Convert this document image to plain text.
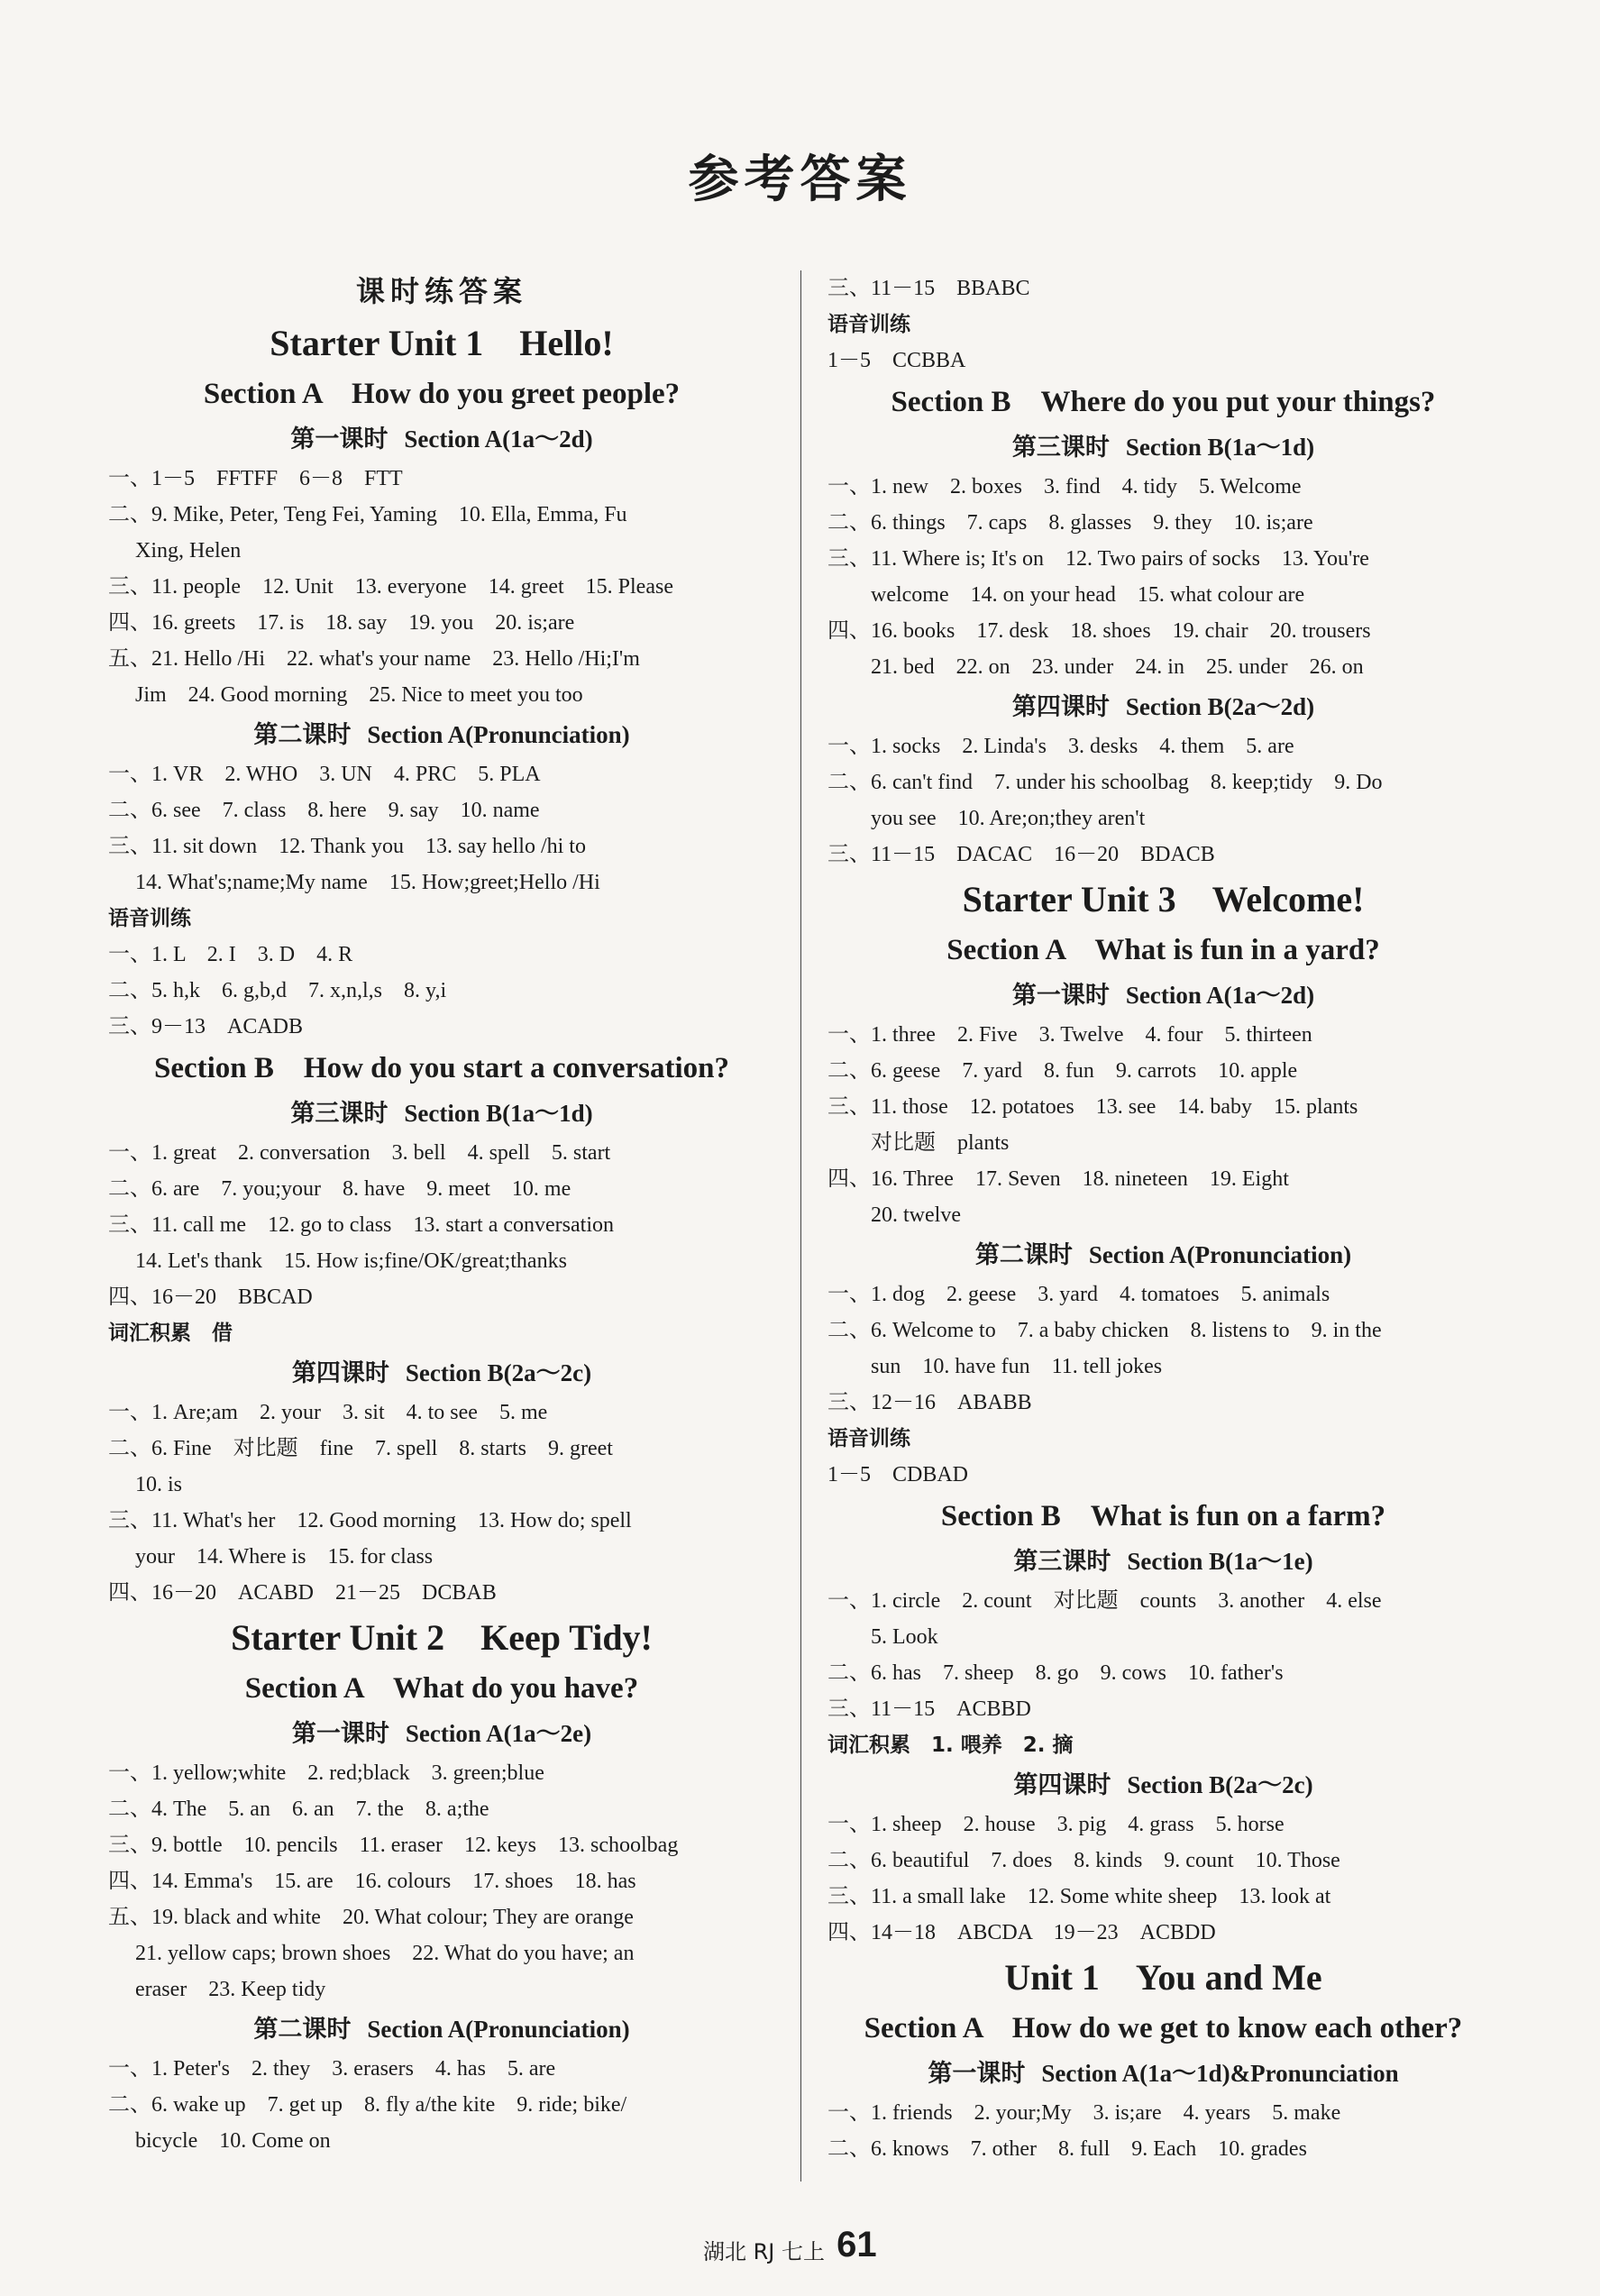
参考答案
课时练答案
Starter Unit 1　Hello!
Section A　How do you greet people?
第一课时 Section A(1a～2d)
一、1－5　FFTFF　6－8　FTT
二、9. Mike, Peter, Teng Fei, Yaming　10. Ella, Emma, Fu
Xing, Helen
三、11. people　12. Unit　13. everyone　14. greet　15. Please
四、16. greets　17. is　18. say　19. you　20. is;are
五、21. Hello /Hi　22. what's your name　23. Hello /Hi;I'm
Jim　24. Good morning　25. Nice to meet you too
第二课时 Section A(Pronunciation)
一、1. VR　2. WHO　3. UN　4. PRC　5. PLA
二、6. see　7. class　8. here　9. say　10. name
三、11. sit down　12. Thank you　13. say hello /hi to
14. What's;name;My name　15. How;greet;Hello /Hi
语音训练
一、1. L　2. I　3. D　4. R
二、5. h,k　6. g,b,d　7. x,n,l,s　8. y,i
三、9－13　ACADB
Section B　How do you start a conversation?
第三课时 Section B(1a～1d)
一、1. great　2. conversation　3. bell　4. spell　5. start
二、6. are　7. you;your　8. have　9. meet　10. me
三、11. call me　12. go to class　13. start a conversation
14. Let's thank　15. How is;fine/OK/great;thanks
四、16－20　BBCAD
词汇积累　借
第四课时 Section B(2a～2c)
一、1. Are;am　2. your　3. sit　4. to see　5. me
二、6. Fine　对比题　fine　7. spell　8. starts　9. greet
10. is
三、11. What's her　12. Good morning　13. How do; spell
your　14. Where is　15. for class
四、16－20　ACABD　21－25　DCBAB
Starter Unit 2　Keep Tidy!
Section A　What do you have?
第一课时 Section A(1a～2e)
一、1. yellow;white　2. red;black　3. green;blue
二、4. The　5. an　6. an　7. the　8. a;the
三、9. bottle　10. pencils　11. eraser　12. keys　13. schoolbag
四、14. Emma's　15. are　16. colours　17. shoes　18. has
五、19. black and white　20. What colour; They are orange
21. yellow caps; brown shoes　22. What do you have; an
eraser　23. Keep tidy
第二课时 Section A(Pronunciation)
一、1. Peter's　2. they　3. erasers　4. has　5. are
二、6. wake up　7. get up　8. fly a/the kite　9. ride; bike/
bicycle　10. Come on
三、11－15　BBABC
语音训练
1－5　CCBBA
Section B　Where do you put your things?
第三课时 Section B(1a～1d)
一、1. new　2. boxes　3. find　4. tidy　5. Welcome
二、6. things　7. caps　8. glasses　9. they　10. is;are
三、11. Where is; It's on　12. Two pairs of socks　13. You're
welcome　14. on your head　15. what colour are
四、16. books　17. desk　18. shoes　19. chair　20. trousers
21. bed　22. on　23. under　24. in　25. under　26. on
第四课时 Section B(2a～2d)
一、1. socks　2. Linda's　3. desks　4. them　5. are
二、6. can't find　7. under his schoolbag　8. keep;tidy　9. Do
you see　10. Are;on;they aren't
三、11－15　DACAC　16－20　BDACB
Starter Unit 3　Welcome!
Section A　What is fun in a yard?
第一课时 Section A(1a～2d)
一、1. three　2. Five　3. Twelve　4. four　5. thirteen
二、6. geese　7. yard　8. fun　9. carrots　10. apple
三、11. those　12. potatoes　13. see　14. baby　15. plants
对比题　plants
四、16. Three　17. Seven　18. nineteen　19. Eight
20. twelve
第二课时 Section A(Pronunciation)
一、1. dog　2. geese　3. yard　4. tomatoes　5. animals
二、6. Welcome to　7. a baby chicken　8. listens to　9. in the
sun　10. have fun　11. tell jokes
三、12－16　ABABB
语音训练
1－5　CDBAD
Section B　What is fun on a farm?
第三课时 Section B(1a～1e)
一、1. circle　2. count　对比题　counts　3. another　4. else
5. Look
二、6. has　7. sheep　8. go　9. cows　10. father's
三、11－15　ACBBD
词汇积累　1. 喂养　2. 摘
第四课时 Section B(2a～2c)
一、1. sheep　2. house　3. pig　4. grass　5. horse
二、6. beautiful　7. does　8. kinds　9. count　10. Those
三、11. a small lake　12. Some white sheep　13. look at
四、14－18　ABCDA　19－23　ACBDD
Unit 1　You and Me
Section A　How do we get to know each other?
第一课时 Section A(1a～1d)&Pronunciation
一、1. friends　2. your;My　3. is;are　4. years　5. make
二、6. knows　7. other　8. full　9. Each　10. grades
湖北 RJ 七上 61
